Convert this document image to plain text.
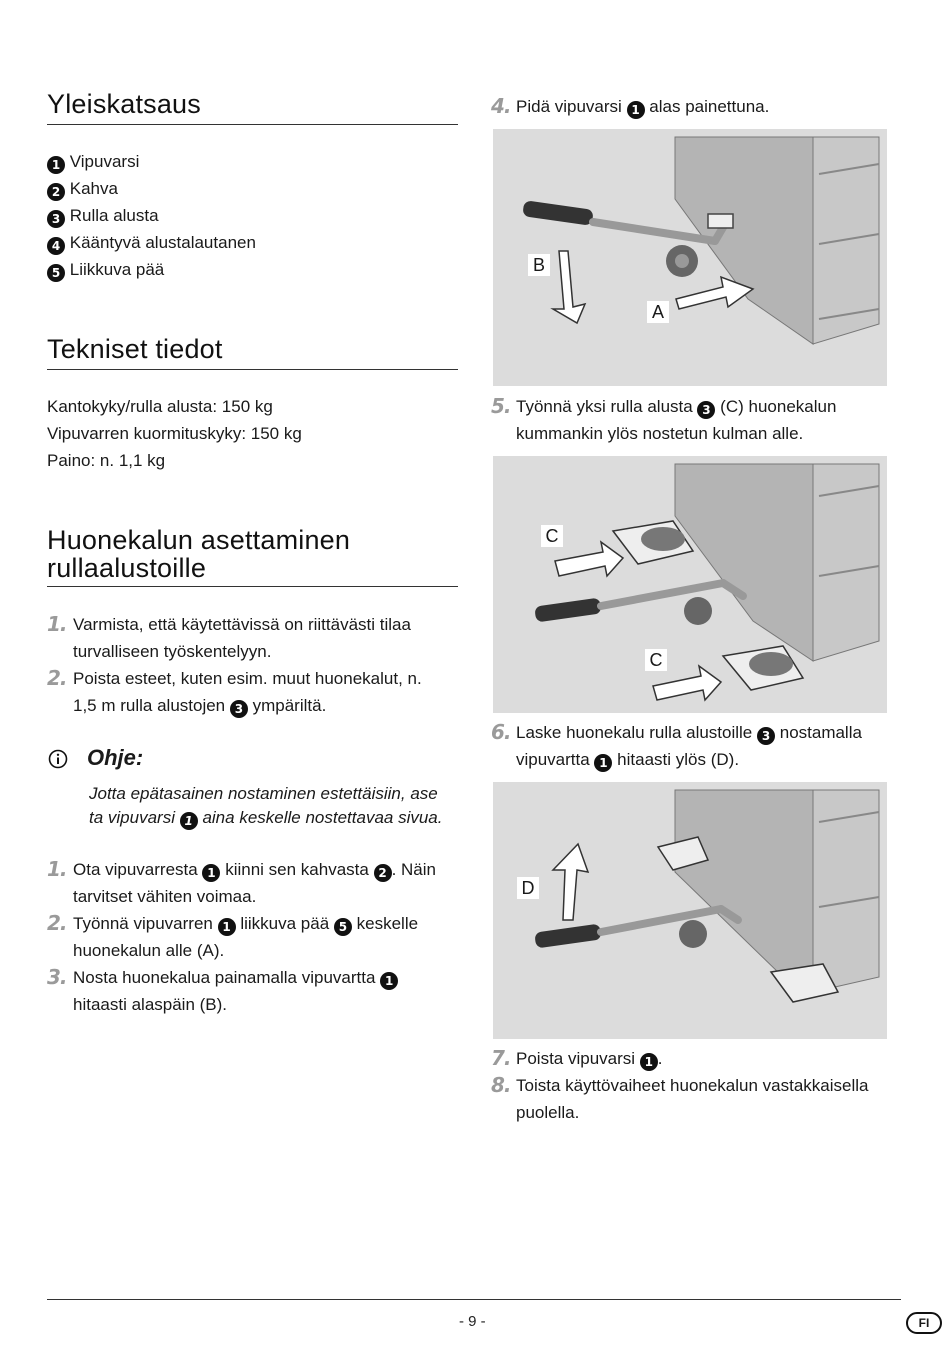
Yleiskatsaus
1 Vipuvarsi
2 Kahva
3 Rulla alusta
4 Kääntyvä alustalautanen
5 Liikkuva pää
Tekniset tiedot
Kantokyky/rulla alusta: 150 kg
Vipuvarren kuormituskyky: 150 kg
Paino: n. 1,1 kg
Huonekalun asettaminen
rullaalustoille
1. Varmista, että käytettävissä on riittävästi tilaa
turvalliseen työskentelyyn.
2. Poista esteet, kuten esim. muut huonekalut, n.
1,5 m rulla alustojen 3 ympäriltä.
Ohje:
Jotta epätasainen nostaminen estettäisiin, ase
ta vipuvarsi 1 aina keskelle nostettavaa sivua.
1. Ota vipuvarresta 1 kiinni sen kahvasta 2 . Näin
tarvitset vähiten voimaa.
2. Työnnä vipuvarren 1 liikkuva pää 5 keskelle
huonekalun alle (A).
3. Nosta huonekalua painamalla vipuvartta 1
hitaasti alaspäin (B).
4. Pidä vipuvarsi 1 alas painettuna.
A
B
5. Työnnä yksi rulla alusta 3 (C) huonekalun
kummankin ylös nostetun kulman alle.
C
C
6. Laske huonekalu rulla alustoille 3 nostamalla
vipuvartta 1 hitaasti ylös (D).
D
7. Poista vipuvarsi 1 .
8. Toista käyttövaiheet huonekalun vastakkaisella
puolella.
- 9 -	FI
